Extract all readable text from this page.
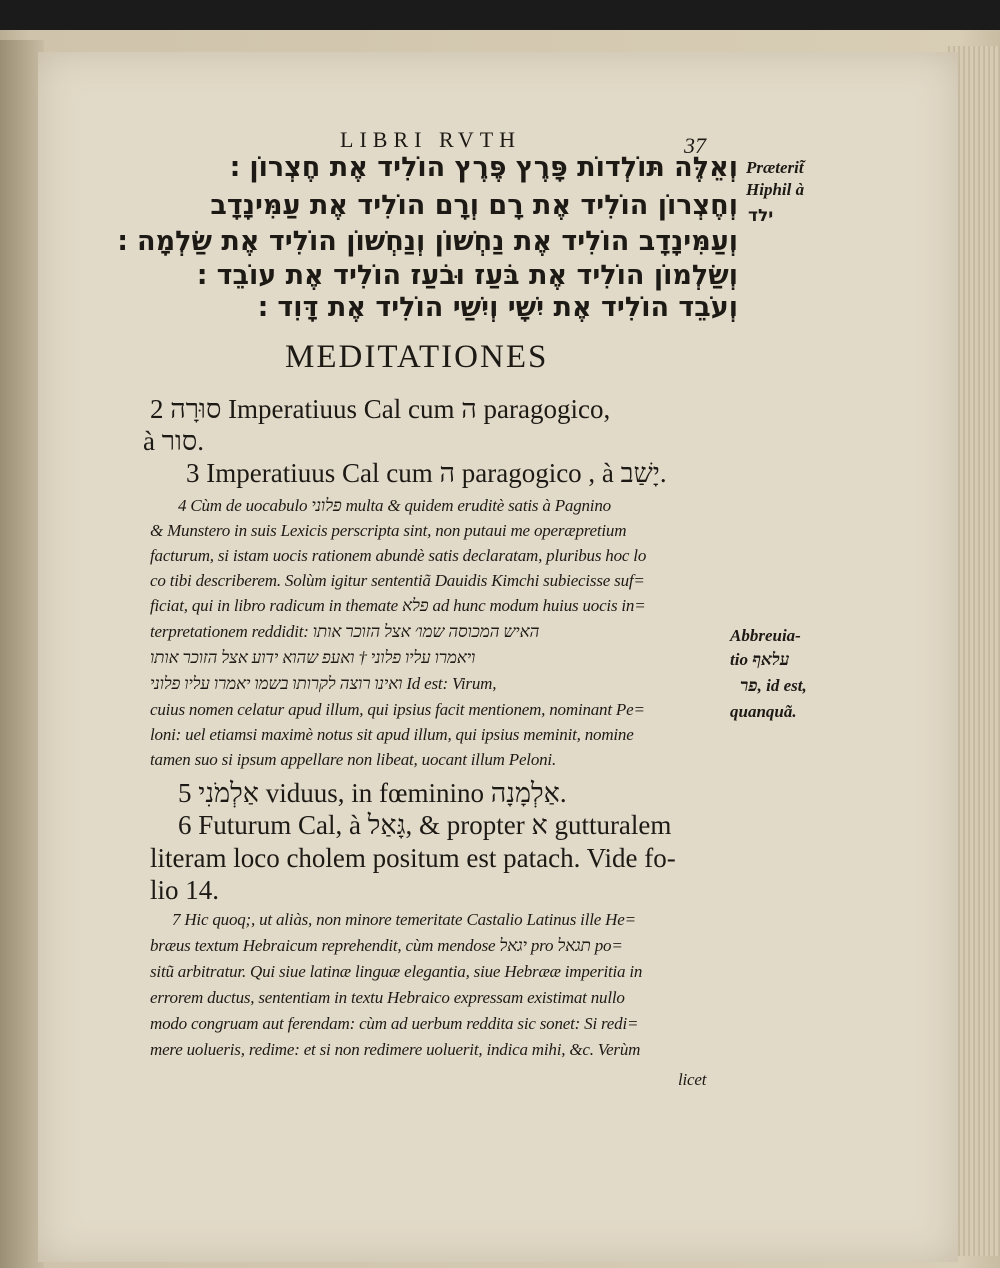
LIBRI RVTH	37
וְאֵלֶּה תּוֹלְדוֹת פָּרֶץ פֶּרֶץ הוֹלִיד אֶת חֶצְרוֹן ׃
וְחֶצְרוֹן הוֹלִיד אֶת רָם וְרָם הוֹלִיד אֶת עַמִּינָדָב
וְעַמִּינָדָב הוֹלִיד אֶת נַחְשׁוֹן וְנַחְשׁוֹן הוֹלִיד אֶת שַׂלְמָה ׃
וְשַׂלְמוֹן הוֹלִיד אֶת בֹּעַז וּבֹעַז הוֹלִיד אֶת עוֹבֵד ׃
וְעֹבֵד הוֹלִיד אֶת יִשָׁי וְיִשַׁי הוֹלִיד אֶת דָּוִד ׃
Præterit̃
Hiphil à
ילד
MEDITATIONES
2 סוּרָה Imperatiuus Cal cum ה paragogico,
à סור.
3 Imperatiuus Cal cum ה paragogico , à יָשַׁב.
4 Cùm de uocabulo פלוני multa & quidem eruditè satis à Pagnino
& Munstero in suis Lexicis perscripta sint, non putaui me operæpretium
facturum, si istam uocis rationem abundè satis declaratam, pluribus hoc lo
co tibi describerem. Solùm igitur sententiã Dauidis Kimchi subiecisse suf=
ficiat, qui in libro radicum in themate פלא ad hunc modum huius uocis in=
terpretationem reddidit: האיש המכוסה שמו׳ אצל הזוכר אותו
ויאמרו עליו פלוני † ואעפ שהוא ידוע אצל הזוכר אותו
ואינו רוצה לקרותו בשמו יאמרו עליו פלוני Id est: Virum,
cuius nomen celatur apud illum, qui ipsius facit mentionem, nominant Pe=
loni: uel etiamsi maximè notus sit apud illum, qui ipsius meminit, nomine
tamen suo si ipsum appellare non libeat, uocant illum Peloni.
Abbreuia-
tio עלאף
פר, id est,
quanquã.
5 אַלְמֹנִי viduus, in fœminino אַלְמָנָה.
6 Futurum Cal, à גָּאַל, & propter א gutturalem
literam loco cholem positum est patach. Vide fo-
lio 14.
7 Hic quoq;, ut aliàs, non minore temeritate Castalio Latinus ille He=
bræus textum Hebraicum reprehendit, cùm mendose יגאל pro תגאל po=
sitũ arbitratur. Qui siue latinæ linguæ elegantia, siue Hebrææ imperitia in
errorem ductus, sententiam in textu Hebraico expressam existimat nullo
modo congruam aut ferendam: cùm ad uerbum reddita sic sonet: Si redi=
mere uolueris, redime: et si non redimere uoluerit, indica mihi, &c. Verùm
licet
